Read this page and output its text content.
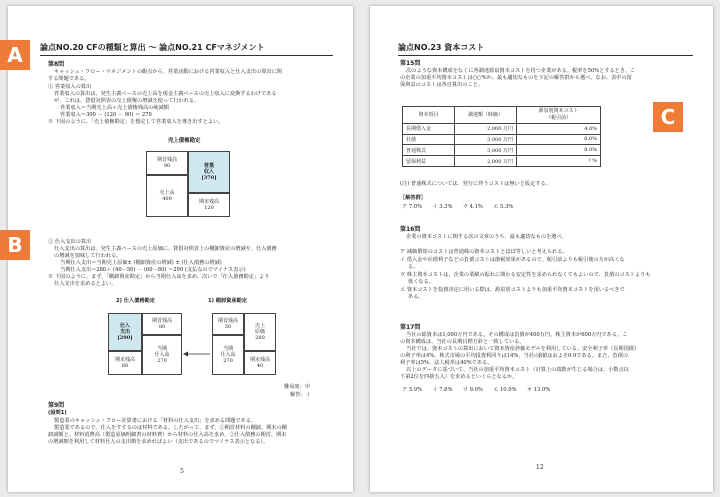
論点NO.20 CFの種類と算出 ～ 論点NO.21 CFマネジメント
第8問
キャッシュ・フロー・マネジメントの観点から、営業活動における営業収入と仕入支出の算出に関
する問題である。
① 営業収入の算出
営業収入の算出は、発生主義ベースの売上高を現金主義ベースの売上収入に変換するわけである
が、これは、貸借対照表の売上債権の増減を使って行われる。
営業収入＝当期売上高＋売上債権残高の純減額
営業収入＝300 － (120 － 90) ＝ 270
※ 下図のように、「売上債権勘定」を想定して営業収入を導き出すとよい。
売上債権勘定
期首残高
90
売上高
400
営業
収入
[370]
期末残高
120
② 仕入支出の算出
仕入支出の算出は、発生主義ベースの売上原価に、貸借対照表上の棚卸資産の増減や、仕入債務
の増減を加味して行われる。
当期仕入支出＝当期売上原価± (棚卸資産の増減) ± (仕入債務の増減)
当期仕入支出＝280＋ (40－50) － (60－80) ＝290 (支払なのでマイナス表示)
※ 下図のように、まず、「棚卸資産勘定」から当期仕入高を求め、次いで「仕入債務勘定」より
仕入支出を求めるとよい。
2) 仕入債務勘定	1) 棚卸資産勘定
仕入
支出
[290]
期末残高
60
期首残高
80
当期
仕入高
270
期首残高
50
当期
仕入高
270
売上
原価
280
期末残高
40
難易度：中
解答：イ
第9問
(設問1)
製造業のキャッシュ・フロー計算書における「材料の仕入支出」を求める問題である。
製造業であるので、仕入をすするのは材料である。したがって、まず、①期首材料の棚卸、期末の棚
卸減額と、材料消費高（製造原価明細書の材料費）から材料の仕入高を求め、②仕入債務の期首、期末
の増減額を利用して材料仕入の支出額を求めればよい（支出であるのでマイナス表示となる）。
5
A
B
論点NO.23 資本コスト
第15問
次のような資本構成をなくに各調達源泉資本コストを持つ企業がある。税率を50%とするとき、こ
の企業の加重平均資本コストは○○%か。最も適切なものを下記の解答群から選べ。なお、表中の留
保利益のコストは各自算出のこと。
資本項目	調達額（時価）	源泉別資本コスト
（税引前）
長期借入金	2,000 万円	4.0%
社債	3,000 万円	6.0%
普通株式	3,000 万円	8.0%
留保利益	2,000 万円	? %
C
(注) 普通株式については、発行に伴うコストは無いと仮定する。
［解答群］
ア 7.0%　　イ 3.3%　　ウ 4.1%　　エ 5.3%
第16問
企業の資本コストに関する次の文章のうち、最も適切なものを選べ。
ア 減価償却のコストは普通株の資本コストとほぼ等しいと考えられる。
イ 借入金や社債利子などの負債コストは節税効果があるので、税引前よりも税引後の方が高くな
る。
ウ 株主資本コストは、企業の業績の振れに関わる安定性を求められなくてもよいので、負債のコストよりも
低くなる。
エ 資本コストを投資決定に用いる際は、源泉別コストよりも加重平均資本コストを用いるべきで
ある。
第17問
当社の総資本は1,000万円である。その構成は負債が400万円、株主資本が600万円である。こ
の資本構成は、当社の長期目標方針と一致している。
当社では、資本コストの算出において資本資産評価モデルを利用している。安全利子率（長期国債）
の利子率は4%、株式市場の平均投資利回りは14%、当社のβ値はおよそ0.9である。また、負債の
利子率は5%、法人税率は40%である。
以上のデータに基づいて、当社の加重平均資本コスト（計算上の端数が生じる場合は、小数点以
下第2位を四捨五入）を求めるといくらとなるか。
ア 5.9%　　イ 7.8%　　ウ 9.0%　　エ 10.0%　　オ 13.0%
12
